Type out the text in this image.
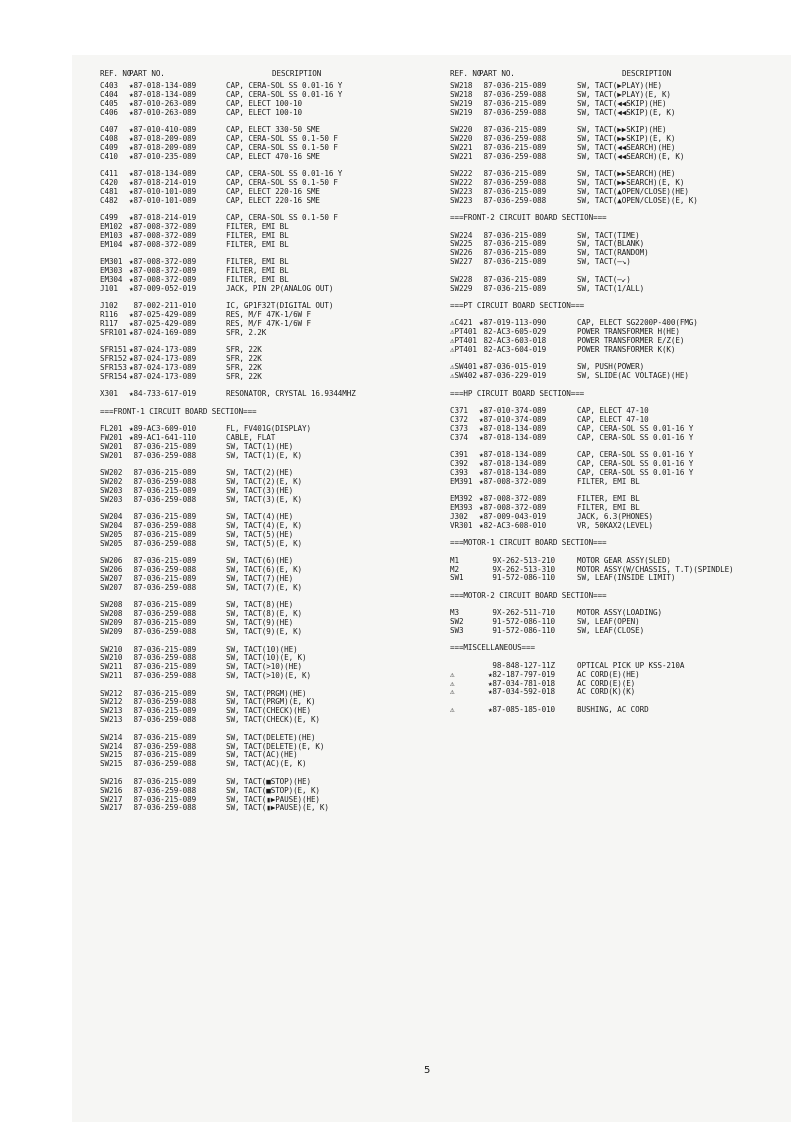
REF. NO.
PART NO.	DESCRIPTION
C403 ★87-018-134-089	CAP, CERA-SOL SS 0.01-16 Y
C404 ★87-018-134-089	CAP, CERA-SOL SS 0.01-16 Y
C405 ★87-010-263-089	CAP, ELECT 100-10
C406 ★87-010-263-089	CAP, ELECT 100-10
C407 ★87-010-410-089	CAP, ELECT 330-50 SME
C408 ★87-018-209-089	CAP, CERA-SOL SS 0.1-50 F
C409 ★87-018-209-089	CAP, CERA-SOL SS 0.1-50 F
C410 ★87-010-235-089	CAP, ELECT 470-16 SME
C411 ★87-018-134-089	CAP, CERA-SOL SS 0.01-16 Y
C420 ★87-018-214-019	CAP, CERA-SOL SS 0.1-50 F
C481 ★87-010-101-089	CAP, ELECT 220-16 SME
C482 ★87-010-101-089	CAP, ELECT 220-16 SME
C499 ★87-018-214-019	CAP, CERA-SOL SS 0.1-50 F
EM102 ★87-008-372-089	FILTER, EMI BL
EM103 ★87-008-372-089	FILTER, EMI BL
EM104 ★87-008-372-089	FILTER, EMI BL
EM301 ★87-008-372-089	FILTER, EMI BL
EM303 ★87-008-372-089	FILTER, EMI BL
EM304 ★87-008-372-089	FILTER, EMI BL
J101 ★87-009-052-019	JACK, PIN 2P(ANALOG OUT)
J102 87-002-211-010	IC, GP1F32T(DIGITAL OUT)
R116 ★87-025-429-089	RES, M/F 47K-1/6W F
R117 ★87-025-429-089	RES, M/F 47K-1/6W F
SFR101 ★87-024-169-089	SFR, 2.2K
SFR151 ★87-024-173-089	SFR, 22K
SFR152 ★87-024-173-089	SFR, 22K
SFR153 ★87-024-173-089	SFR, 22K
SFR154 ★87-024-173-089	SFR, 22K
X301 ★84-733-617-019	RESONATOR, CRYSTAL 16.9344MHZ
===FRONT-1 CIRCUIT BOARD SECTION===
FL201 ★89-AC3-609-010	FL, FV401G(DISPLAY)
FW201 ★89-AC1-641-110	CABLE, FLAT
SW201 87-036-215-089	SW, TACT(1)(HE)
SW201 87-036-259-088	SW, TACT(1)(E, K)
SW202 87-036-215-089	SW, TACT(2)(HE)
SW202 87-036-259-088	SW, TACT(2)(E, K)
SW203 87-036-215-089	SW, TACT(3)(HE)
SW203 87-036-259-088	SW, TACT(3)(E, K)
SW204 87-036-215-089	SW, TACT(4)(HE)
SW204 87-036-259-088	SW, TACT(4)(E, K)
SW205 87-036-215-089	SW, TACT(5)(HE)
SW205 87-036-259-088	SW, TACT(5)(E, K)
SW206 87-036-215-089	SW, TACT(6)(HE)
SW206 87-036-259-088	SW, TACT(6)(E, K)
SW207 87-036-215-089	SW, TACT(7)(HE)
SW207 87-036-259-088	SW, TACT(7)(E, K)
SW208 87-036-215-089	SW, TACT(8)(HE)
SW208 87-036-259-088	SW, TACT(8)(E, K)
SW209 87-036-215-089	SW, TACT(9)(HE)
SW209 87-036-259-088	SW, TACT(9)(E, K)
SW210 87-036-215-089	SW, TACT(10)(HE)
SW210 87-036-259-088	SW, TACT(10)(E, K)
SW211 87-036-215-089	SW, TACT(>10)(HE)
SW211 87-036-259-088	SW, TACT(>10)(E, K)
SW212 87-036-215-089	SW, TACT(PRGM)(HE)
SW212 87-036-259-088	SW, TACT(PRGM)(E, K)
SW213 87-036-215-089	SW, TACT(CHECK)(HE)
SW213 87-036-259-088	SW, TACT(CHECK)(E, K)
SW214 87-036-215-089	SW, TACT(DELETE)(HE)
SW214 87-036-259-088	SW, TACT(DELETE)(E, K)
SW215 87-036-215-089	SW, TACT(AC)(HE)
SW215 87-036-259-088	SW, TACT(AC)(E, K)
SW216 87-036-215-089	SW, TACT(■STOP)(HE)
SW216 87-036-259-088	SW, TACT(■STOP)(E, K)
SW217 87-036-215-089	SW, TACT(▮▶PAUSE)(HE)
SW217 87-036-259-088	SW, TACT(▮▶PAUSE)(E, K)
REF. NO.
PART NO.	DESCRIPTION
SW218 87-036-215-089	SW, TACT(▶PLAY)(HE)
SW218 87-036-259-088	SW, TACT(▶PLAY)(E, K)
SW219 87-036-215-089	SW, TACT(◀◀SKIP)(HE)
SW219 87-036-259-088	SW, TACT(◀◀SKIP)(E, K)
SW220 87-036-215-089	SW, TACT(▶▶SKIP)(HE)
SW220 87-036-259-088	SW, TACT(▶▶SKIP)(E, K)
SW221 87-036-215-089	SW, TACT(◀◀SEARCH)(HE)
SW221 87-036-259-088	SW, TACT(◀◀SEARCH)(E, K)
SW222 87-036-215-089	SW, TACT(▶▶SEARCH)(HE)
SW222 87-036-259-088	SW, TACT(▶▶SEARCH)(E, K)
SW223 87-036-215-089	SW, TACT(▲OPEN/CLOSE)(HE)
SW223 87-036-259-088	SW, TACT(▲OPEN/CLOSE)(E, K)
===FRONT-2 CIRCUIT BOARD SECTION===
SW224 87-036-215-089	SW, TACT(TIME)
SW225 87-036-215-089	SW, TACT(BLANK)
SW226 87-036-215-089	SW, TACT(RANDOM)
SW227 87-036-215-089	SW, TACT(―↘)
SW228 87-036-215-089	SW, TACT(―↙)
SW229 87-036-215-089	SW, TACT(1/ALL)
===PT CIRCUIT BOARD SECTION===
⚠C421 ★87-019-113-090	CAP, ELECT SG2200P-400(FMG)
⚠PT401 82-AC3-605-029	POWER TRANSFORMER H(HE)
⚠PT401 82-AC3-603-018	POWER TRANSFORMER E/Z(E)
⚠PT401 82-AC3-604-019	POWER TRANSFORMER K(K)
⚠SW401 ★87-036-015-019	SW, PUSH(POWER)
⚠SW402 ★87-036-229-019	SW, SLIDE(AC VOLTAGE)(HE)
===HP CIRCUIT BOARD SECTION===
C371 ★87-010-374-089	CAP, ELECT 47-10
C372 ★87-010-374-089	CAP, ELECT 47-10
C373 ★87-018-134-089	CAP, CERA-SOL SS 0.01-16 Y
C374 ★87-018-134-089	CAP, CERA-SOL SS 0.01-16 Y
C391 ★87-018-134-089	CAP, CERA-SOL SS 0.01-16 Y
C392 ★87-018-134-089	CAP, CERA-SOL SS 0.01-16 Y
C393 ★87-018-134-089	CAP, CERA-SOL SS 0.01-16 Y
EM391 ★87-008-372-089	FILTER, EMI BL
EM392 ★87-008-372-089	FILTER, EMI BL
EM393 ★87-008-372-089	FILTER, EMI BL
J302 ★87-009-043-019	JACK, 6.3(PHONES)
VR301 ★82-AC3-608-010	VR, 50KAX2(LEVEL)
===MOTOR-1 CIRCUIT BOARD SECTION===
M1	9X-262-513-210	MOTOR GEAR ASSY(SLED)
M2	9X-262-513-310	MOTOR ASSY(W/CHASSIS, T.T)(SPINDLE)
SW1 91-572-086-110	SW, LEAF(INSIDE LIMIT)
===MOTOR-2 CIRCUIT BOARD SECTION===
M3	9X-262-511-710	MOTOR ASSY(LOADING)
SW2 91-572-086-110	SW, LEAF(OPEN)
SW3 91-572-086-110	SW, LEAF(CLOSE)
===MISCELLANEOUS===
98-848-127-11Z	OPTICAL PICK UP KSS-210A
⚠	★82-187-797-019	AC CORD(E)(HE)
⚠	★87-034-781-018	AC CORD(E)(E)
⚠	★87-034-592-018	AC CORD(K)(K)
⚠	★87-085-185-010	BUSHING, AC CORD
5
